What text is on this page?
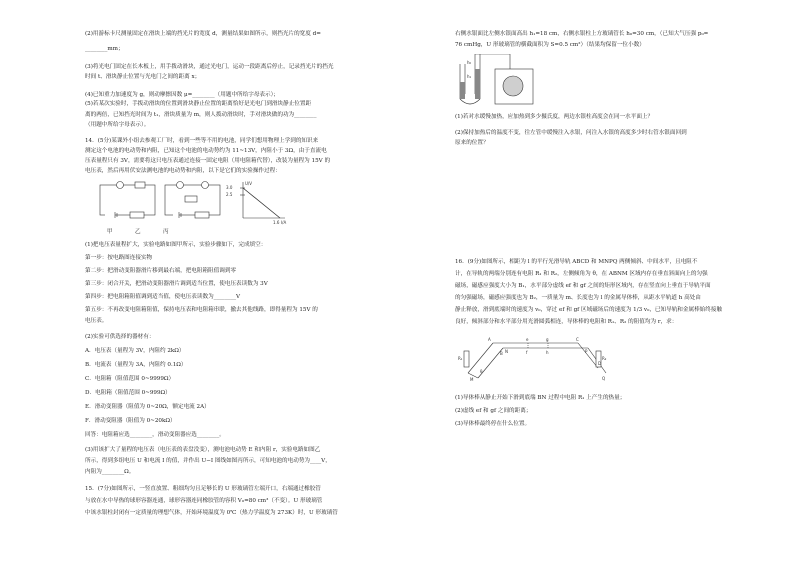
(2)用游标卡尺测量固定在滑块上端的挡光片的宽度 d，测量结果如图所示，则挡光片的宽度 d=
________mm；
(3)将光电门固定在长木板上，用手拨动滑块，通过光电门，运动一段距离后停止，记录挡光片的挡光
时间 t、滑块静止位置与光电门之间的距离 x；
(4)已知重力加速度为 g，则动摩擦因数 μ=________（用题中所给字母表示）；
(5)若某次实验时，手拨动滑块的位置到滑块静止位置的距离恰好是光电门到滑块静止位置距
离的两倍，已知挡光时间为 t₁，滑块质量为 m，则人拨动滑块时，手对滑块做的功为________
（用题中所给字母表示）。
14．(5分)某课外小组去参观工厂时，看到一些等不用的电池，同学们想用物理上学到的知识来
测定这个电池的电动势和内阻，已知这个电池的电动势约为 11~13V，内阻小于 3Ω，由于直流电
压表量程只有 3V，需要将这只电压表通过连接一固定电阻（用电阻箱代替），改装为量程为 15V 的
电压表，然后再用伏安法测电池的电动势和内阻，以下是它们的实验操作过程：
3.0
2.5
U/V
1.6 I/A
甲　　　　乙　　　　丙
(1)把电压表量程扩大，实验电路如图甲所示，实验步骤如下，完成填空：
第一步：按电路图连接实物
第二步：把滑动变阻器滑片移到最右端，把电阻箱阻值调到零
第三步：闭合开关，把滑动变阻器滑片调到适当位置，使电压表读数为 3V
第四步：把电阻箱阻值调到适当值，使电压表读数为________V
第五步：不再改变电阻箱阻值，保持电压表和电阻箱串联，撤去其他线路，即得量程为 15V 的
电压表。
(2)实验可供选择的器材有：
A．电压表（量程为 3V，内阻约 2kΩ）
B．电流表（量程为 3A，内阻约 0.1Ω）
C．电阻箱（阻值范围 0~9999Ω）
D．电阻箱（阻值范围 0~999Ω）
E．滑动变阻器（阻值为 0~20Ω，额定电流 2A）
F．滑动变阻器（阻值为 0~20kΩ）
回答：电阻箱应选________，滑动变阻器应选________。
(3)用该扩大了量程的电压表（电压表的表盘没变），测电池电动势 E 和内阻 r，实验电路如图乙
所示，得到多组电压 U 和电流 I 的值，并作出 U−I 图线如图丙所示，可知电池的电动势为____V，
内阻为________Ω。
15．(7分)如图所示，一竖直放置、粗细均匀且足够长的 U 形玻璃管左端开口，右端通过橡胶管
与放在水中导热的球形容器连通，球形容器连同橡胶管的容积 V₀=80 cm³（不变）。U 形玻璃管
中该水银柱封闭有一定质量的理想气体，开始环境温度为 0℃（热力学温度为 273K）时，U 形玻璃管
右侧水银面比左侧水银面高出 h₁=18 cm，右侧水银柱上方玻璃管长 h₀=30 cm，（已知大气压强 p₀=
76 cmHg，U 形玻璃管的横截面积为 S=0.5 cm²）（结果均保留一位小数）
h₀
h₁
(1)若对水缓慢加热，应加热到多少摄氏度，两边水银柱高度会在同一水平面上？
(2)保持加热后的温度不变，往左管中缓慢注入水银，问注入水银的高度多少时右管水银面回到
原来的位置？
16．(9分)如图所示，相距为 l 的平行光滑导轨 ABCD 和 MNPQ 两侧倾斜、中间水平，且电阻不
计，在导轨的两端分别连有电阻 R₁ 和 R₂，左侧倾角为 θ，在 ABNM 区域内存在垂直斜面向上的匀强
磁场，磁感应强度大小为 B₁，水平部分虚线 ef 和 gf 之间的矩形区域内，存在竖直向上垂直于导轨平面
的匀强磁场，磁感应强度也为 B₂，一质量为 m、长度也为 l 的金属导体棒，从距水平轨道 h 高处由
静止释放，滑到底端时的速度为 v₀，穿过 ef 和 gf 区域磁场后的速度为 1/3 v₀，已知导轨和金属棒始终接触
良好，倾斜部分和水平部分用光滑圆弧相连，导体棒的电阻和 R₁、R₂ 的阻值均为 r，求：
A
B
C
D
M
N	P
Q
e
f
g
h
R₁	R₂
θ
(1)导体棒从静止开始下滑到底端 BN 过程中电阻 R₁ 上产生的热量；
(2)虚线 ef 和 gf 之间的距离；
(3)导体棒最终停在什么位置。
